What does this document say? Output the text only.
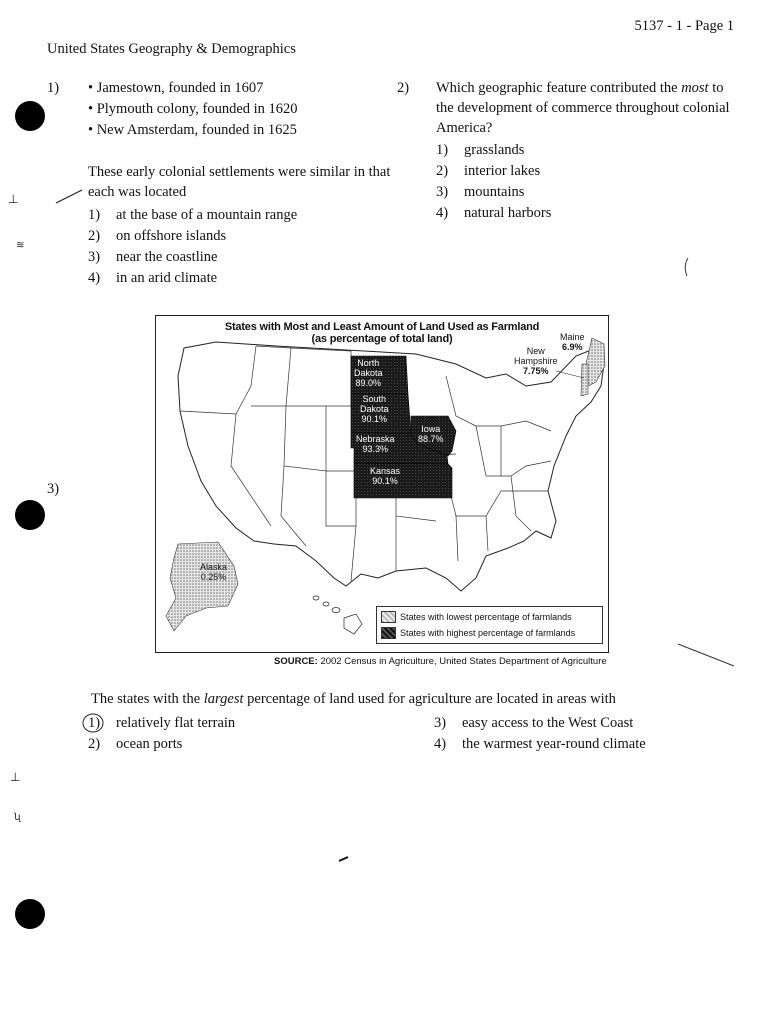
5137 - 1 - Page 1
United States Geography & Demographics
⊥
≋
⊥
ʯ
1) • Jamestown, founded in 1607
• Plymouth colony, founded in 1620
• New Amsterdam, founded in 1625
These early colonial settlements were similar in that
each was located
1) at the base of a mountain range
2) on offshore islands
3) near the coastline
4) in an arid climate
2) Which geographic feature contributed the most to
the development of commerce throughout colonial
America?
1) grasslands
2) interior lakes
3) mountains
4) natural harbors
3)
States with Most and Least Amount of Land Used as Farmland
(as percentage of total land)	Maine
6.9%
New
Hampshire
7.75%
North
Dakota
89.0%
South
Dakota
90.1%
Nebraska
93.3%
Iowa
88.7%
Kansas
90.1%
Alaska
0.25%
States with lowest percentage of farmlands
States with highest percentage of farmlands
SOURCE: 2002 Census in Agriculture, United States Department of Agriculture
The states with the largest percentage of land used for agriculture are located in areas with
1) relatively flat terrain
2) ocean ports
3) easy access to the West Coast
4) the warmest year-round climate
